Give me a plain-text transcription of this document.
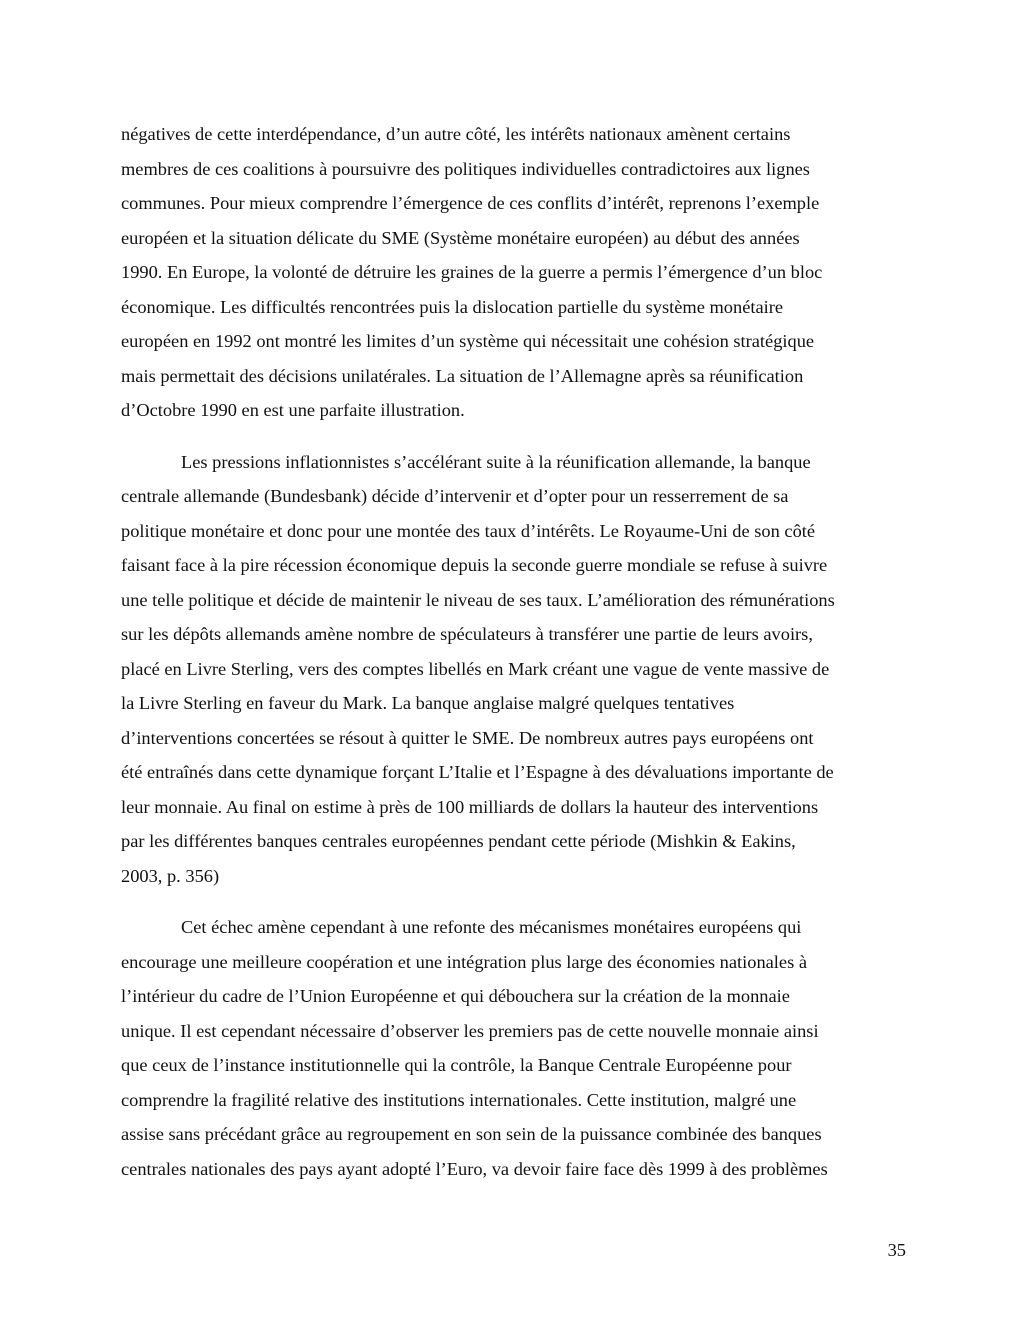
négatives de cette interdépendance, d’un autre côté, les intérêts nationaux amènent certains
membres de ces coalitions à poursuivre des politiques individuelles contradictoires aux lignes
communes. Pour mieux comprendre l’émergence de ces conflits d’intérêt, reprenons l’exemple
européen et la situation délicate du SME (Système monétaire européen) au début des années
1990. En Europe, la volonté de détruire les graines de la guerre a permis l’émergence d’un bloc
économique. Les difficultés rencontrées puis la dislocation partielle du système monétaire
européen en 1992 ont montré les limites d’un système qui nécessitait une cohésion stratégique
mais permettait des décisions unilatérales. La situation de l’Allemagne après sa réunification
d’Octobre 1990 en est une parfaite illustration.
Les pressions inflationnistes s’accélérant suite à la réunification allemande, la banque
centrale allemande (Bundesbank) décide d’intervenir et d’opter pour un resserrement de sa
politique monétaire et donc pour une montée des taux d’intérêts. Le Royaume-Uni de son côté
faisant face à la pire récession économique depuis la seconde guerre mondiale se refuse à suivre
une telle politique et décide de maintenir le niveau de ses taux. L’amélioration des rémunérations
sur les dépôts allemands amène nombre de spéculateurs à transférer une partie de leurs avoirs,
placé en Livre Sterling, vers des comptes libellés en Mark créant une vague de vente massive de
la Livre Sterling en faveur du Mark. La banque anglaise malgré quelques tentatives
d’interventions concertées se résout à quitter le SME. De nombreux autres pays européens ont
été entraînés dans cette dynamique forçant L’Italie et l’Espagne à des dévaluations importante de
leur monnaie. Au final on estime à près de 100 milliards de dollars la hauteur des interventions
par les différentes banques centrales européennes pendant cette période (Mishkin & Eakins,
2003, p. 356)
Cet échec amène cependant à une refonte des mécanismes monétaires européens qui
encourage une meilleure coopération et une intégration plus large des économies nationales à
l’intérieur du cadre de l’Union Européenne et qui débouchera sur la création de la monnaie
unique. Il est cependant nécessaire d’observer les premiers pas de cette nouvelle monnaie ainsi
que ceux de l’instance institutionnelle qui la contrôle, la Banque Centrale Européenne pour
comprendre la fragilité relative des institutions internationales. Cette institution, malgré une
assise sans précédant grâce au regroupement en son sein de la puissance combinée des banques
centrales nationales des pays ayant adopté l’Euro, va devoir faire face dès 1999 à des problèmes
35
